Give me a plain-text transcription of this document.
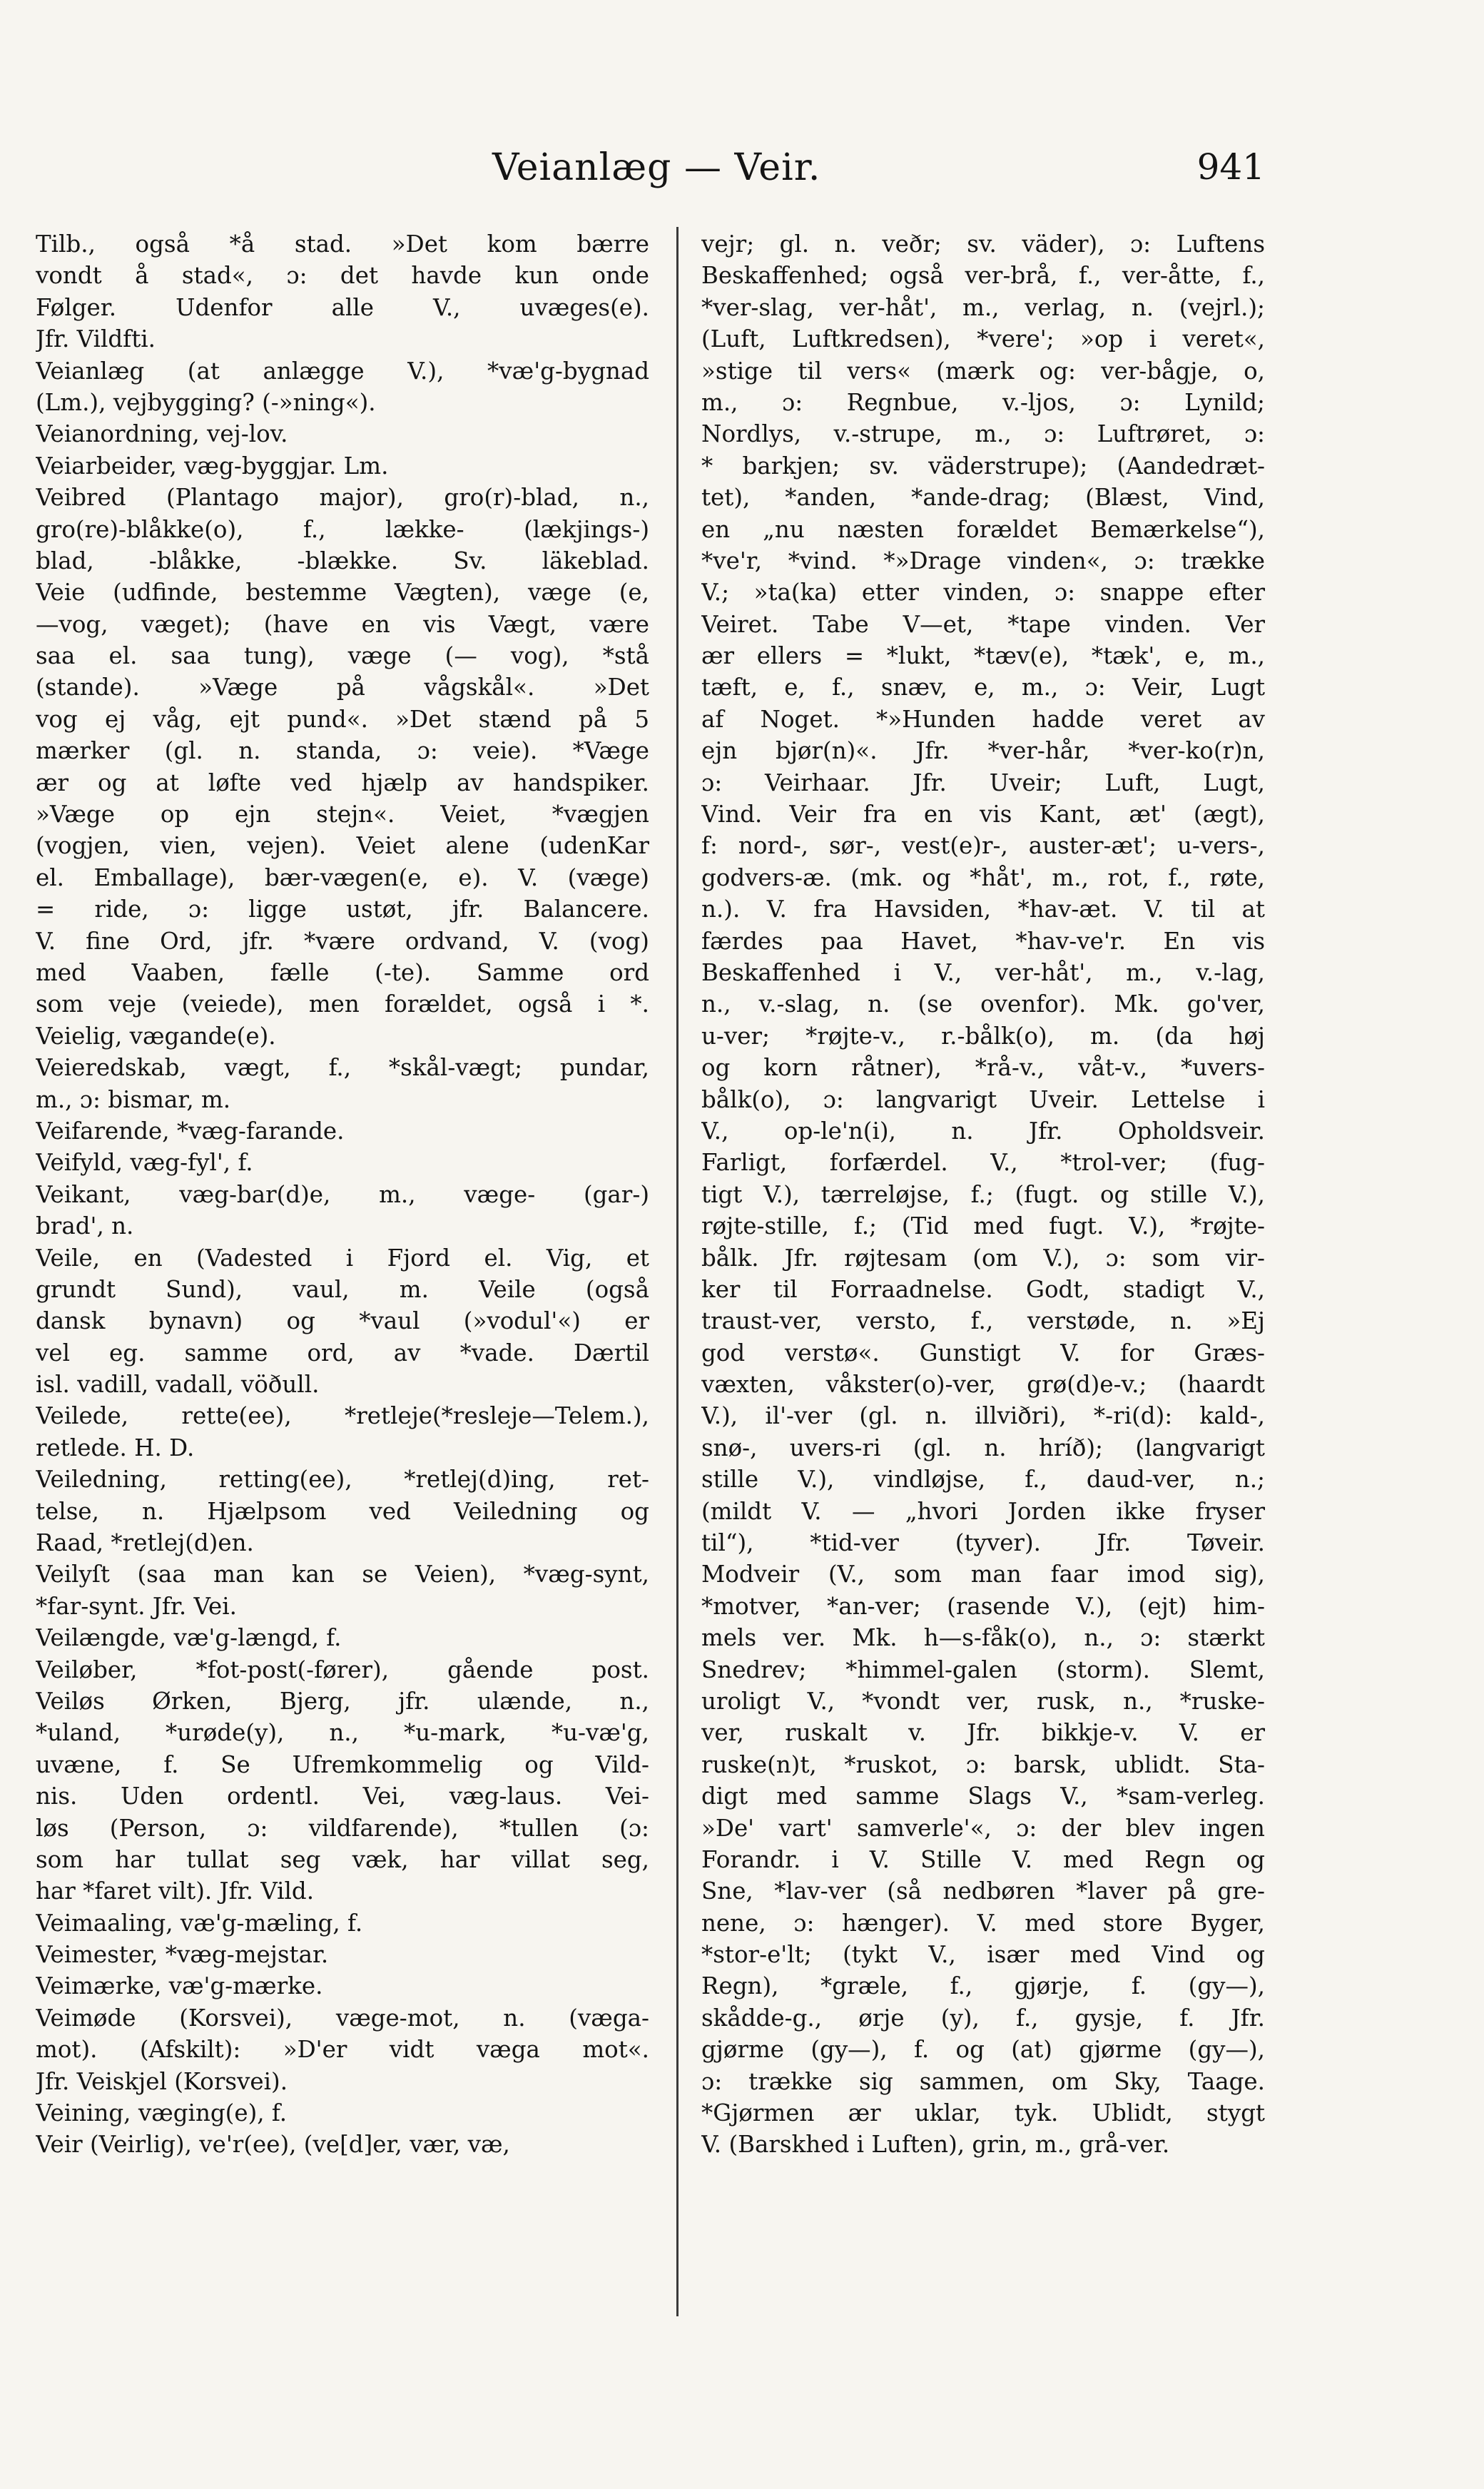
Veianlæg — Veir.	941
Tilb., også *å stad. »Det kom bærre
vondt å stad«, ɔ: det havde kun onde
Følger. Udenfor alle V., uvæges(e).
Jfr. Vildfti.
Veianlæg (at anlægge V.), *væ'g-bygnad
(Lm.), vejbygging? (-»ning«).
Veianordning, vej-lov.
Veiarbeider, væg-byggjar. Lm.
Veibred (Plantago major), gro(r)-blad, n.,
gro(re)-blåkke(o), f., lække- (lækjings-)
blad, -blåkke, -blække. Sv. läkeblad.
Veie (udfinde, bestemme Vægten), væge (e,
—vog, væget); (have en vis Vægt, være
saa el. saa tung), væge (— vog), *stå
(stande). »Væge på vågskål«. »Det
vog ej våg, ejt pund«. »Det stænd på 5
mærker (gl. n. standa, ɔ: veie). *Væge
ær og at løfte ved hjælp av handspiker.
»Væge op ejn stejn«. Veiet, *vægjen
(vogjen, vien, vejen). Veiet alene (udenKar
el. Emballage), bær-vægen(e, e). V. (væge)
= ride, ɔ: ligge ustøt, jfr. Balancere.
V. fine Ord, jfr. *være ordvand, V. (vog)
med Vaaben, fælle (-te). Samme ord
som veje (veiede), men forældet, også i *.
Veielig, vægande(e).
Veieredskab, vægt, f., *skål-vægt; pundar,
m., ɔ: bismar, m.
Veifarende, *væg-farande.
Veifyld, væg-fyl', f.
Veikant, væg-bar(d)e, m., væge- (gar-)
brad', n.
Veile, en (Vadested i Fjord el. Vig, et
grundt Sund), vaul, m. Veile (også
dansk bynavn) og *vaul (»vodul'«) er
vel eg. samme ord, av *vade. Dærtil
isl. vadill, vadall, vöðull.
Veilede, rette(ee), *retleje(*resleje—Telem.),
retlede. H. D.
Veiledning, retting(ee), *retlej(d)ing, ret-
telse, n. Hjælpsom ved Veiledning og
Raad, *retlej(d)en.
Veilyſt (saa man kan se Veien), *væg-synt,
*far-synt. Jfr. Vei.
Veilængde, væ'g-længd, f.
Veiløber, *fot-post(-fører), gående post.
Veiløs Ørken, Bjerg, jfr. ulænde, n.,
*uland, *urøde(y), n., *u-mark, *u-væ'g,
uvæne, f. Se Ufremkommelig og Vild-
nis. Uden ordentl. Vei, væg-laus. Vei-
løs (Person, ɔ: vildfarende), *tullen (ɔ:
som har tullat seg væk, har villat seg,
har *faret vilt). Jfr. Vild.
Veimaaling, væ'g-mæling, f.
Veimester, *væg-mejstar.
Veimærke, væ'g-mærke.
Veimøde (Korsvei), væge-mot, n. (væga-
mot). (Afskilt): »D'er vidt væga mot«.
Jfr. Veiskjel (Korsvei).
Veining, væging(e), f.
Veir (Veirlig), ve'r(ee), (ve[d]er, vær, væ,
vejr; gl. n. veðr; sv. väder), ɔ: Luftens
Beskaffenhed; også ver-brå, f., ver-åtte, f.,
*ver-slag, ver-håt', m., verlag, n. (vejrl.);
(Luft, Luftkredsen), *vere'; »op i veret«,
»stige til vers« (mærk og: ver-bågje, o,
m., ɔ: Regnbue, v.-ljos, ɔ: Lynild;
Nordlys, v.-strupe, m., ɔ: Luftrøret, ɔ:
* barkjen; sv. väderstrupe); (Aandedræt-
tet), *anden, *ande-drag; (Blæst, Vind,
en „nu næsten forældet Bemærkelse“),
*ve'r, *vind. *»Drage vinden«, ɔ: trække
V.; »ta(ka) etter vinden, ɔ: snappe efter
Veiret. Tabe V—et, *tape vinden. Ver
ær ellers = *lukt, *tæv(e), *tæk', e, m.,
tæft, e, f., snæv, e, m., ɔ: Veir, Lugt
af Noget. *»Hunden hadde veret av
ejn bjør(n)«. Jfr. *ver-hår, *ver-ko(r)n,
ɔ: Veirhaar. Jfr. Uveir; Luft, Lugt,
Vind. Veir fra en vis Kant, æt' (ægt),
f: nord-, sør-, vest(e)r-, auster-æt'; u-vers-,
godvers-æ. (mk. og *håt', m., rot, f., røte,
n.). V. fra Havsiden, *hav-æt. V. til at
færdes paa Havet, *hav-ve'r. En vis
Beskaffenhed i V., ver-håt', m., v.-lag,
n., v.-slag, n. (se ovenfor). Mk. go'ver,
u-ver; *røjte-v., r.-bålk(o), m. (da høj
og korn råtner), *rå-v., våt-v., *uvers-
bålk(o), ɔ: langvarigt Uveir. Lettelse i
V., op-le'n(i), n. Jfr. Opholdsveir.
Farligt, forfærdel. V., *trol-ver; (fug-
tigt V.), tærreløjse, f.; (fugt. og stille V.),
røjte-stille, f.; (Tid med fugt. V.), *røjte-
bålk. Jfr. røjtesam (om V.), ɔ: som vir-
ker til Forraadnelse. Godt, stadigt V.,
traust-ver, versto, f., verstøde, n. »Ej
god verstø«. Gunstigt V. for Græs-
væxten, våkster(o)-ver, grø(d)e-v.; (haardt
V.), il'-ver (gl. n. illviðri), *-ri(d): kald-,
snø-, uvers-ri (gl. n. hríð); (langvarigt
stille V.), vindløjse, f., daud-ver, n.;
(mildt V. — „hvori Jorden ikke fryser
til“), *tid-ver (tyver). Jfr. Tøveir.
Modveir (V., som man faar imod sig),
*motver, *an-ver; (rasende V.), (ejt) him-
mels ver. Mk. h—s-fåk(o), n., ɔ: stærkt
Snedrev; *himmel-galen (storm). Slemt,
uroligt V., *vondt ver, rusk, n., *ruske-
ver, ruskalt v. Jfr. bikkje-v. V. er
ruske(n)t, *ruskot, ɔ: barsk, ublidt. Sta-
digt med samme Slags V., *sam-verleg.
»De' vart' samverle'«, ɔ: der blev ingen
Forandr. i V. Stille V. med Regn og
Sne, *lav-ver (så nedbøren *laver på gre-
nene, ɔ: hænger). V. med store Byger,
*stor-e'lt; (tykt V., især med Vind og
Regn), *græle, f., gjørje, f. (gy—),
skådde-g., ørje (y), f., gysje, f. Jfr.
gjørme (gy—), f. og (at) gjørme (gy—),
ɔ: trække sig sammen, om Sky, Taage.
*Gjørmen ær uklar, tyk. Ublidt, stygt
V. (Barskhed i Luften), grin, m., grå-ver.
